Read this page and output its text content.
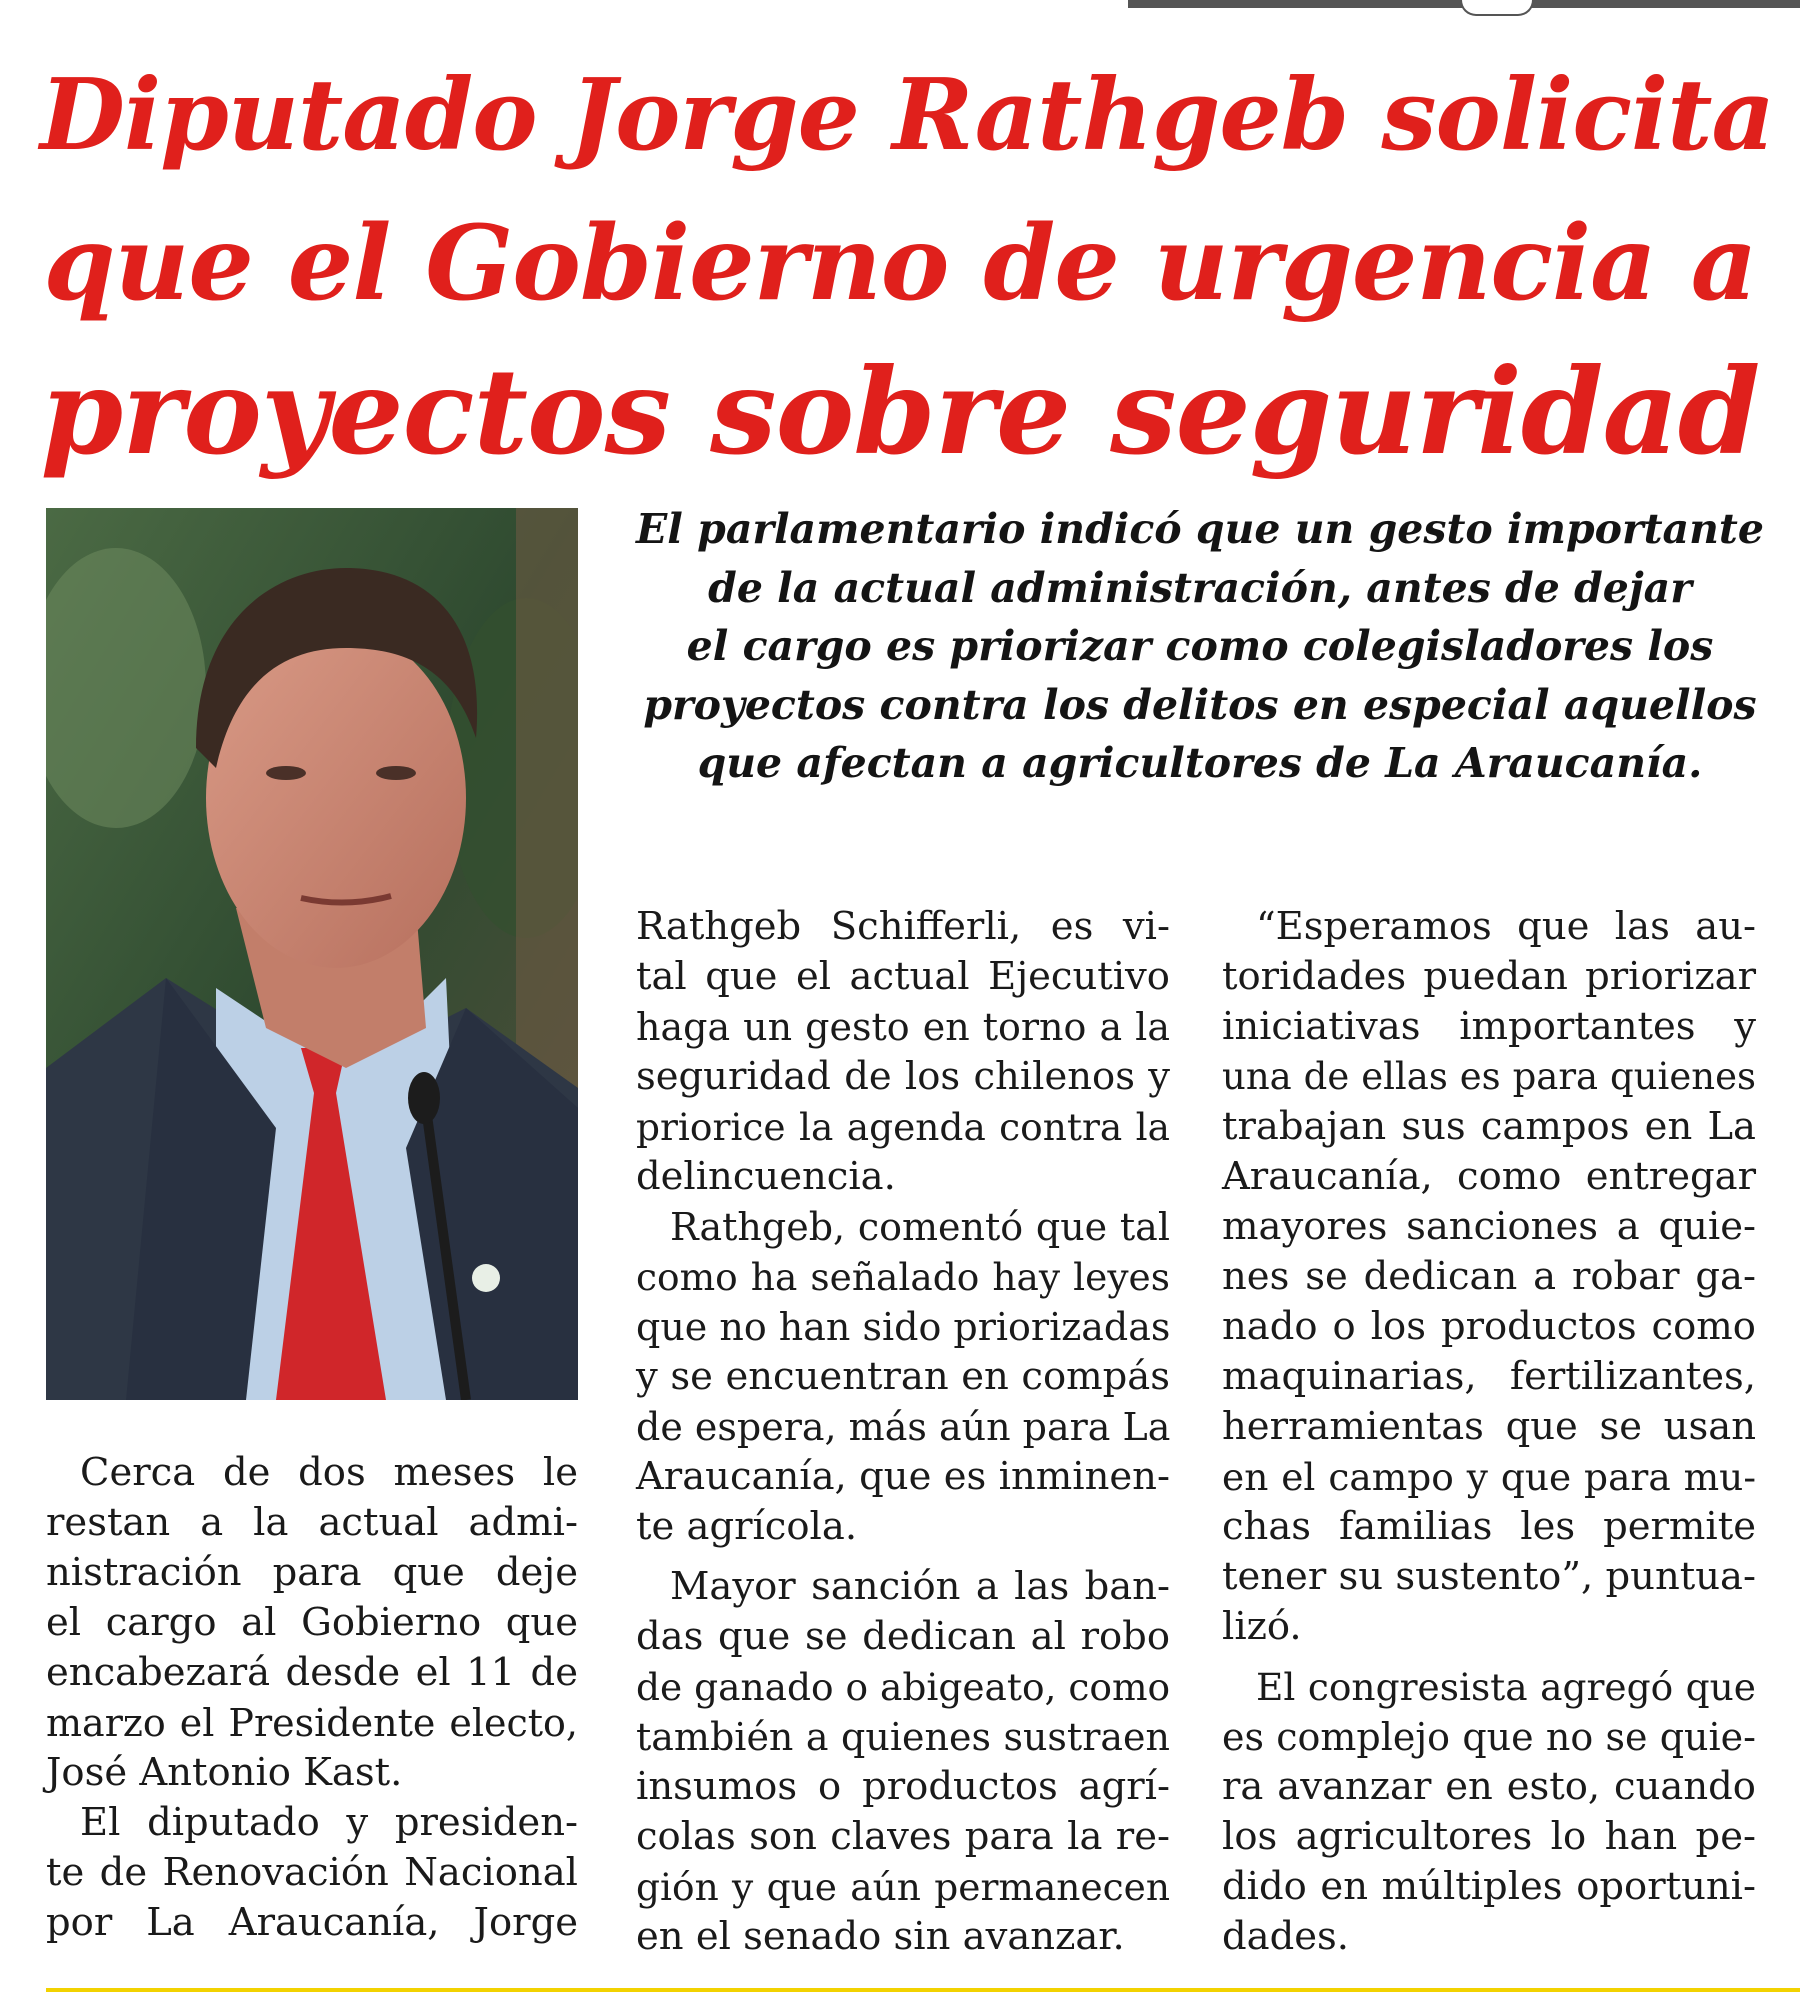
Diputado Jorge Rathgeb solicita
que el Gobierno de urgencia a
proyectos sobre seguridad
El parlamentario indicó que un gesto importante
de la actual administración, antes de dejar
el cargo es priorizar como colegisladores los
proyectos contra los delitos en especial aquellos
que afectan a agricultores de La Araucanía.

Cerca de dos meses le
restan a la actual admi-
nistración para que deje
el cargo al Gobierno que
encabezará desde el 11 de
marzo el Presidente electo,
José Antonio Kast.

El diputado y presiden-
te de Renovación Nacional
por La Araucanía, Jorge

Rathgeb Schifferli, es vi-
tal que el actual Ejecutivo
haga un gesto en torno a la
seguridad de los chilenos y
priorice la agenda contra la
delincuencia.

Rathgeb, comentó que tal
como ha señalado hay leyes
que no han sido priorizadas
y se encuentran en compás
de espera, más aún para La
Araucanía, que es inminen-
te agrícola.

Mayor sanción a las ban-
das que se dedican al robo
de ganado o abigeato, como
también a quienes sustraen
insumos o productos agrí-
colas son claves para la re-
gión y que aún permanecen
en el senado sin avanzar.

“Esperamos que las au-
toridades puedan priorizar
iniciativas importantes y
una de ellas es para quienes
trabajan sus campos en La
Araucanía, como entregar
mayores sanciones a quie-
nes se dedican a robar ga-
nado o los productos como
maquinarias, fertilizantes,
herramientas que se usan
en el campo y que para mu-
chas familias les permite
tener su sustento”, puntua-
lizó.

El congresista agregó que
es complejo que no se quie-
ra avanzar en esto, cuando
los agricultores lo han pe-
dido en múltiples oportuni-
dades.
